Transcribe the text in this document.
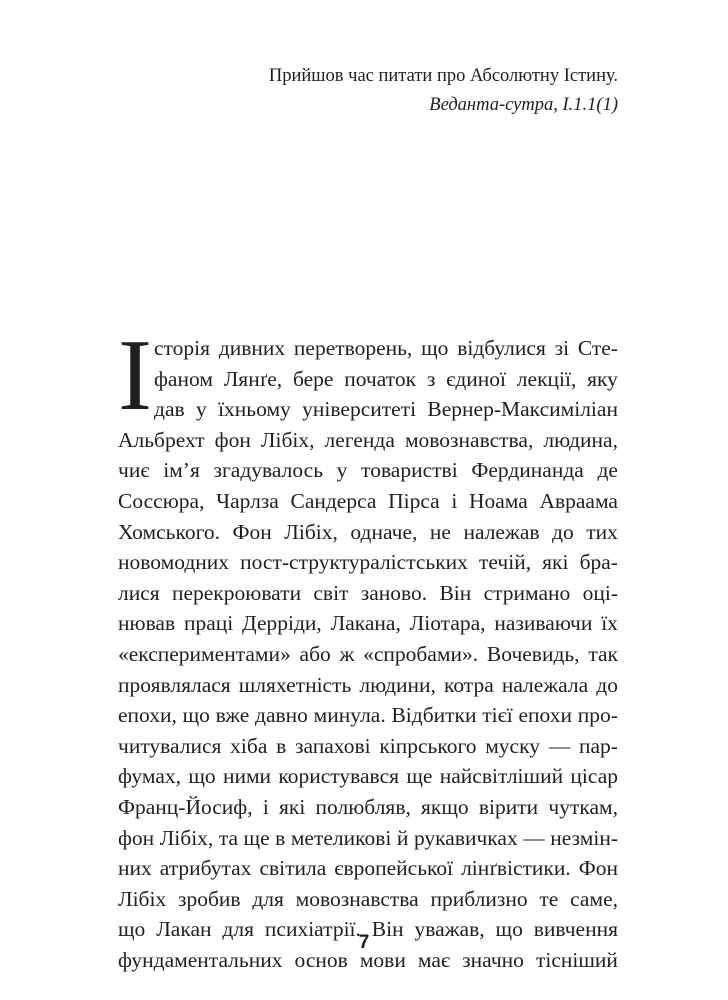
Прийшов час питати про Абсолютну Істину.
Веданта-сутра, І.1.1(1)
І сторія дивних перетворень, що відбулися зі Сте-
фаном Лянґе, бере початок з єдиної лекції, яку
дав у їхньому університеті Вернер-Максиміліан
Альбрехт фон Лібіх, легенда мовознавства, людина,
чиє ім’я згадувалось у товаристві Фердинанда де
Соссюра, Чарлза Сандерса Пірса і Ноама Авраама
Хомського. Фон Лібіх, одначе, не належав до тих
новомодних пост-структуралістських течій, які бра-
лися перекроювати світ заново. Він стримано оці-
нював праці Дерріди, Лакана, Ліотара, називаючи їх
«експериментами» або ж «спробами». Вочевидь, так
проявлялася шляхетність людини, котра належала до
епохи, що вже давно минула. Відбитки тієї епохи про-
читувалися хіба в запахові кіпрського муску — пар-
фумах, що ними користувався ще найсвітліший цісар
Франц-Йосиф, і які полюбляв, якщо вірити чуткам,
фон Лібіх, та ще в метеликові й рукавичках — незмін-
них атрибутах світила європейської лінґвістики. Фон
Лібіх зробив для мовознавства приблизно те саме,
що Лакан для психіатрії. Він уважав, що вивчення
фундаментальних основ мови має значно тісніший
7
